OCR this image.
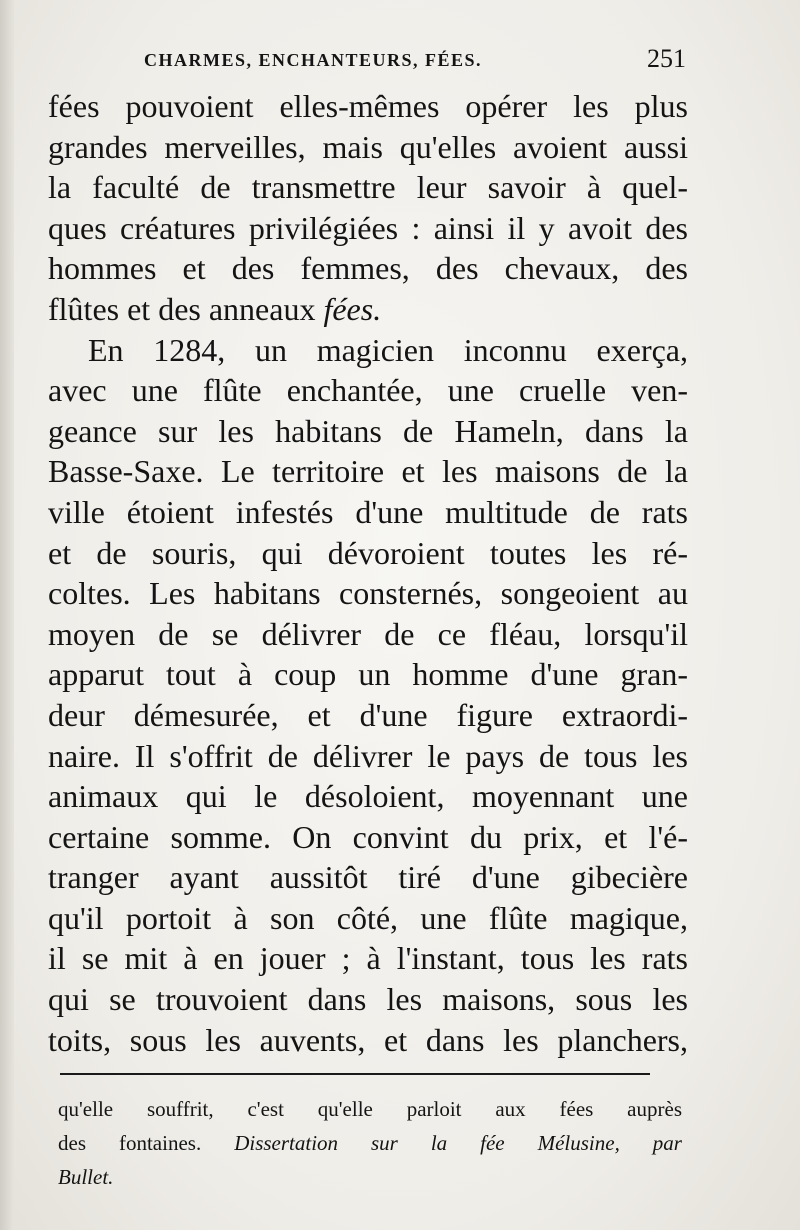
CHARMES, ENCHANTEURS, FÉES.	251
fées pouvoient elles-mêmes opérer les plus
grandes merveilles, mais qu'elles avoient aussi
la faculté de transmettre leur savoir à quel-
ques créatures privilégiées : ainsi il y avoit des
hommes et des femmes, des chevaux, des
flûtes et des anneaux fées.
En 1284, un magicien inconnu exerça,
avec une flûte enchantée, une cruelle ven-
geance sur les habitans de Hameln, dans la
Basse-Saxe. Le territoire et les maisons de la
ville étoient infestés d'une multitude de rats
et de souris, qui dévoroient toutes les ré-
coltes. Les habitans consternés, songeoient au
moyen de se délivrer de ce fléau, lorsqu'il
apparut tout à coup un homme d'une gran-
deur démesurée, et d'une figure extraordi-
naire. Il s'offrit de délivrer le pays de tous les
animaux qui le désoloient, moyennant une
certaine somme. On convint du prix, et l'é-
tranger ayant aussitôt tiré d'une gibecière
qu'il portoit à son côté, une flûte magique,
il se mit à en jouer ; à l'instant, tous les rats
qui se trouvoient dans les maisons, sous les
toits, sous les auvents, et dans les planchers,
qu'elle souffrit, c'est qu'elle parloit aux fées auprès
des fontaines. Dissertation sur la fée Mélusine, par
Bullet.
